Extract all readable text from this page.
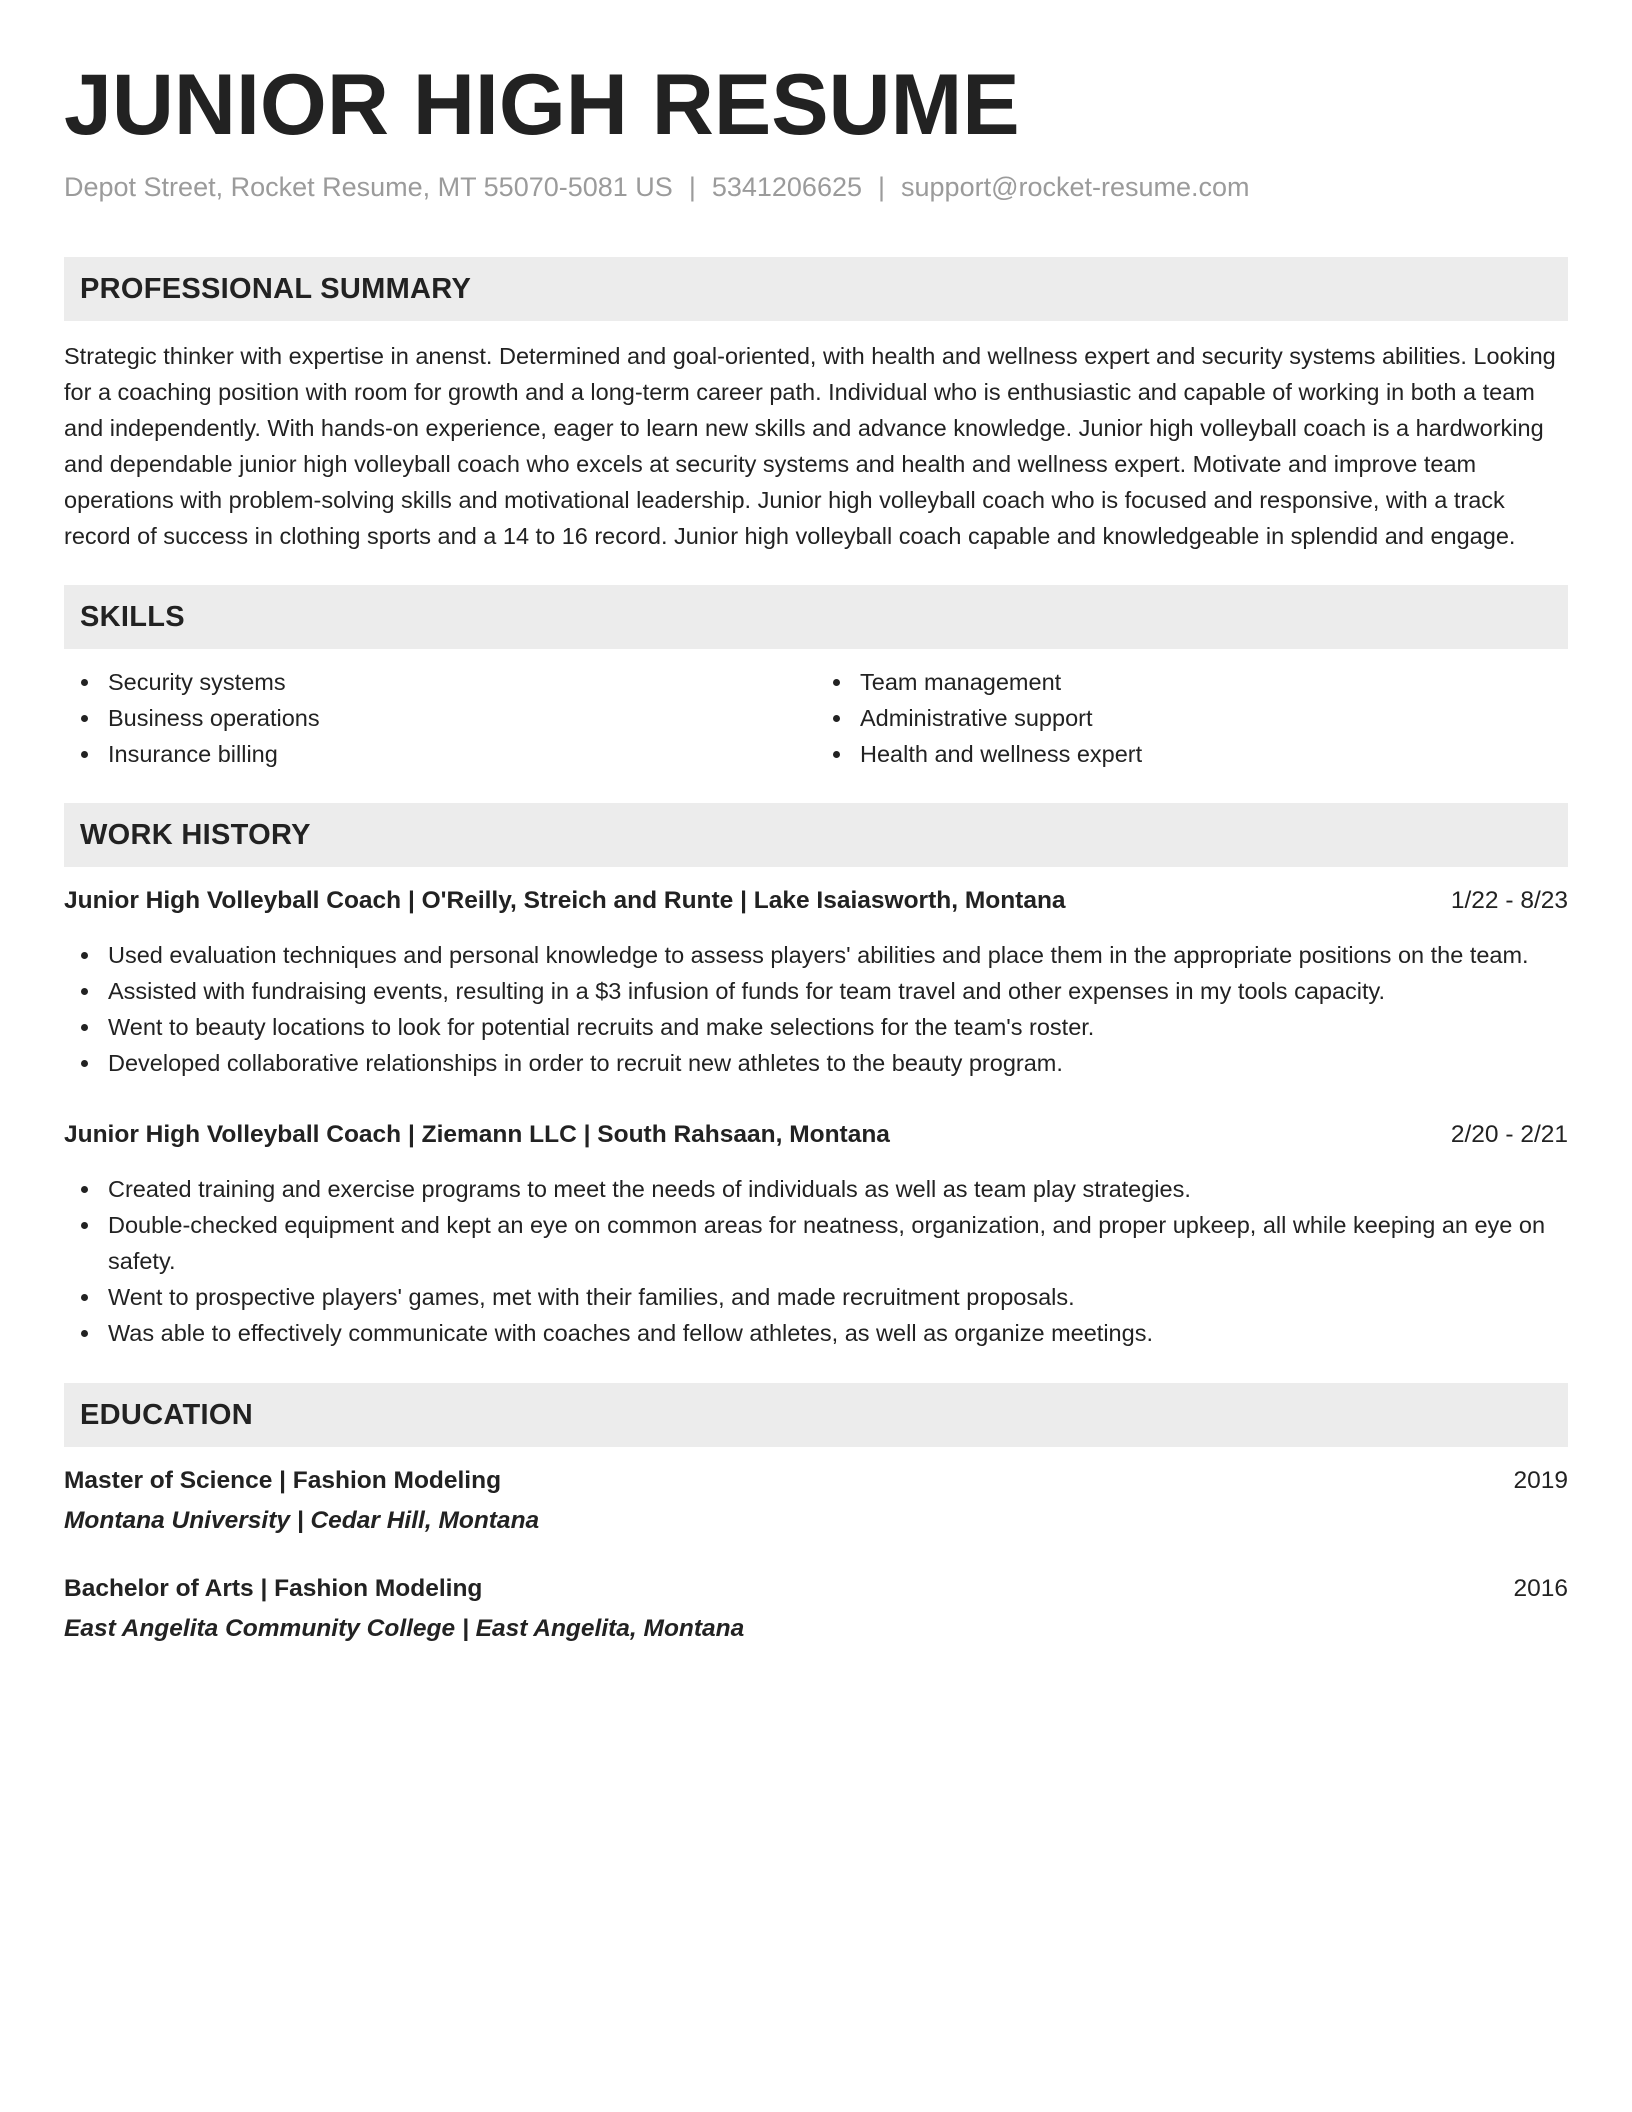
JUNIOR HIGH RESUME
Depot Street, Rocket Resume, MT 55070-5081 US | 5341206625 | support@rocket-resume.com
PROFESSIONAL SUMMARY

Strategic thinker with expertise in anenst. Determined and goal-oriented, with health and wellness expert and security systems abilities. Looking for a coaching position with room for growth and a long-term career path. Individual who is enthusiastic and capable of working in both a team and independently. With hands-on experience, eager to learn new skills and advance knowledge. Junior high volleyball coach is a hardworking and dependable junior high volleyball coach who excels at security systems and health and wellness expert. Motivate and improve team operations with problem-solving skills and motivational leadership. Junior high volleyball coach who is focused and responsive, with a track record of success in clothing sports and a 14 to 16 record. Junior high volleyball coach capable and knowledgeable in splendid and engage.

SKILLS
Security systems
Business operations
Insurance billing
Team management
Administrative support
Health and wellness expert
WORK HISTORY
Junior High Volleyball Coach | O'Reilly, Streich and Runte | Lake Isaiasworth, Montana	1/22 - 8/23
Used evaluation techniques and personal knowledge to assess players' abilities and place them in the appropriate positions on the team.
Assisted with fundraising events, resulting in a $3 infusion of funds for team travel and other expenses in my tools capacity.
Went to beauty locations to look for potential recruits and make selections for the team's roster.
Developed collaborative relationships in order to recruit new athletes to the beauty program.
Junior High Volleyball Coach | Ziemann LLC | South Rahsaan, Montana	2/20 - 2/21
Created training and exercise programs to meet the needs of individuals as well as team play strategies.
Double-checked equipment and kept an eye on common areas for neatness, organization, and proper upkeep, all while keeping an eye on safety.
Went to prospective players' games, met with their families, and made recruitment proposals.
Was able to effectively communicate with coaches and fellow athletes, as well as organize meetings.
EDUCATION
Master of Science | Fashion Modeling	2019
Montana University | Cedar Hill, Montana
Bachelor of Arts | Fashion Modeling	2016
East Angelita Community College | East Angelita, Montana
